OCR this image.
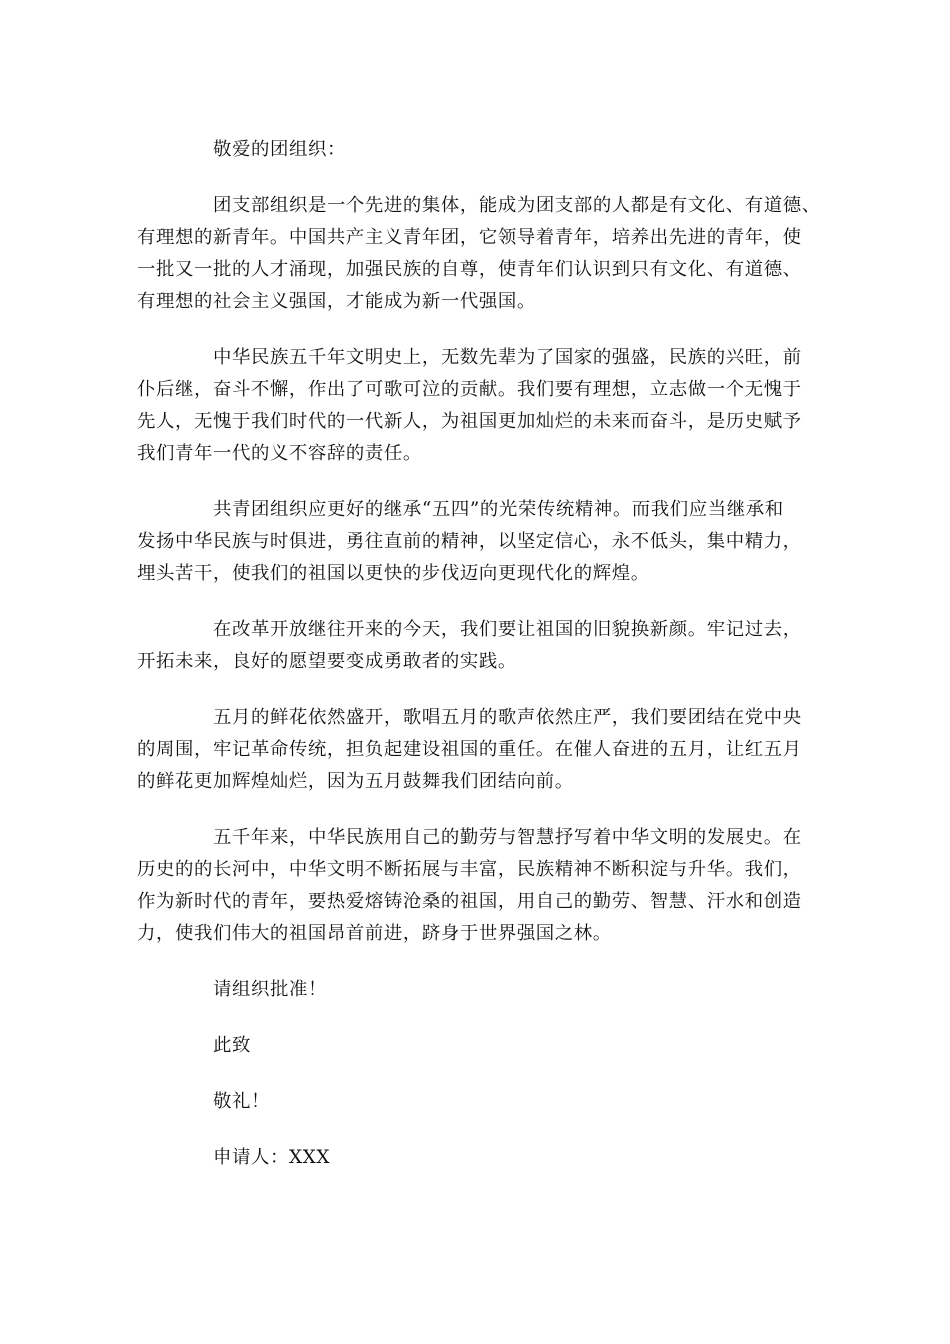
敬爱的团组织：
团支部组织是一个先进的集体，能成为团支部的人都是有文化、有道德、
有理想的新青年。中国共产主义青年团，它领导着青年，培养出先进的青年，使
一批又一批的人才涌现，加强民族的自尊，使青年们认识到只有文化、有道德、
有理想的社会主义强国，才能成为新一代强国。
中华民族五千年文明史上，无数先辈为了国家的强盛，民族的兴旺，前
仆后继，奋斗不懈，作出了可歌可泣的贡献。我们要有理想，立志做一个无愧于
先人，无愧于我们时代的一代新人，为祖国更加灿烂的未来而奋斗，是历史赋予
我们青年一代的义不容辞的责任。
共青团组织应更好的继承“五四”的光荣传统精神。而我们应当继承和
发扬中华民族与时俱进，勇往直前的精神，以坚定信心，永不低头，集中精力，
埋头苦干，使我们的祖国以更快的步伐迈向更现代化的辉煌。
在改革开放继往开来的今天，我们要让祖国的旧貌换新颜。牢记过去，
开拓未来，良好的愿望要变成勇敢者的实践。
五月的鲜花依然盛开，歌唱五月的歌声依然庄严，我们要团结在党中央
的周围，牢记革命传统，担负起建设祖国的重任。在催人奋进的五月，让红五月
的鲜花更加辉煌灿烂，因为五月鼓舞我们团结向前。
五千年来，中华民族用自己的勤劳与智慧抒写着中华文明的发展史。在
历史的的长河中，中华文明不断拓展与丰富，民族精神不断积淀与升华。我们，
作为新时代的青年，要热爱熔铸沧桑的祖国，用自己的勤劳、智慧、汗水和创造
力，使我们伟大的祖国昂首前进，跻身于世界强国之林。
请组织批准！
此致
敬礼！
申请人：XXX
